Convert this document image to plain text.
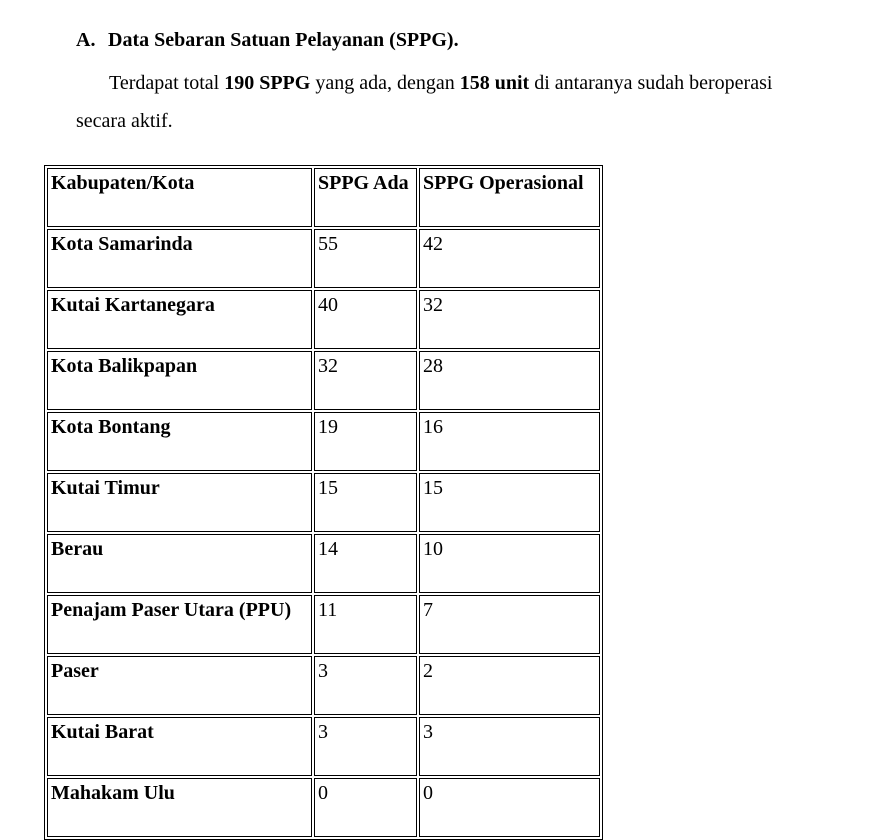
A. Data Sebaran Satuan Pelayanan (SPPG).
Terdapat total 190 SPPG yang ada, dengan 158 unit di antaranya sudah beroperasi
secara aktif.
Kabupaten/Kota	SPPG Ada	SPPG Operasional
Kota Samarinda	55	42
Kutai Kartanegara	40	32
Kota Balikpapan	32	28
Kota Bontang	19	16
Kutai Timur	15	15
Berau	14	10
Penajam Paser Utara (PPU)	11	7
Paser	3	2
Kutai Barat	3	3
Mahakam Ulu	0	0
